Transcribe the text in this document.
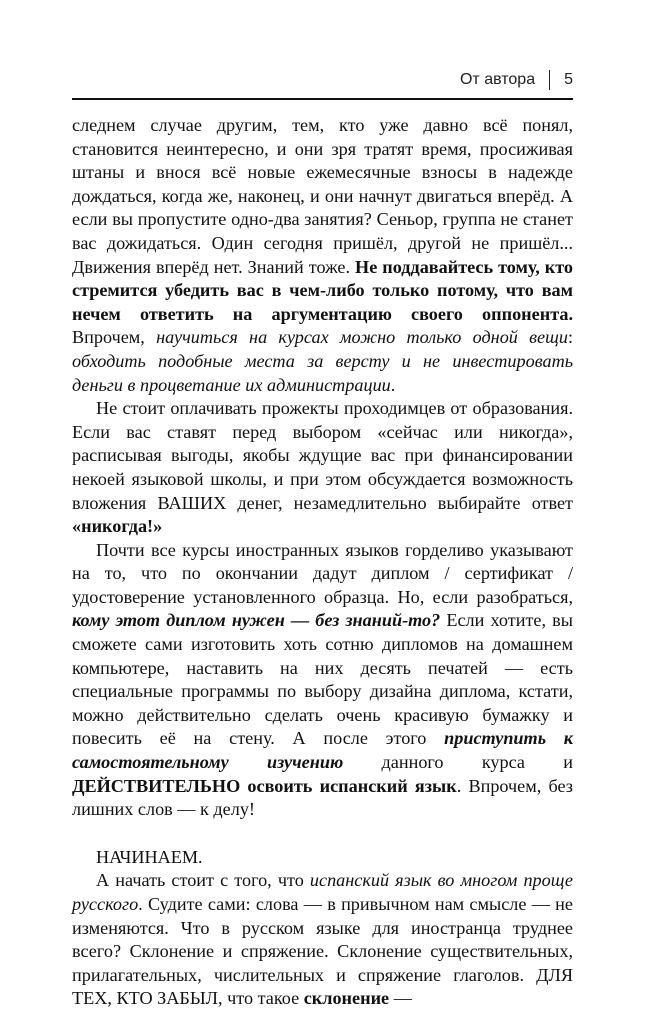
От автора 5

следнем случае другим, тем, кто уже давно всё понял, становится неинтересно, и они зря тратят время, просиживая штаны и внося всё новые ежемесячные взносы в надежде дождаться, когда же, наконец, и они начнут двигаться вперёд. А если вы пропустите одно-два занятия? Сеньор, группа не станет вас дожидаться. Один сегодня пришёл, другой не пришёл... Движения вперёд нет. Знаний тоже. Не поддавайтесь тому, кто стремится убедить вас в чем-либо только потому, что вам нечем ответить на аргументацию своего оппонента. Впрочем, научиться на курсах можно только одной вещи: обходить подобные места за версту и не инвестировать деньги в процветание их администрации.

Не стоит оплачивать прожекты проходимцев от образования. Если вас ставят перед выбором «сейчас или никогда», расписывая выгоды, якобы ждущие вас при финансировании некоей языковой школы, и при этом обсуждается возможность вложения ВАШИХ денег, незамедлительно выбирайте ответ «никогда!»

Почти все курсы иностранных языков горделиво указывают на то, что по окончании дадут диплом / сертификат / удостоверение установленного образца. Но, если разобраться, кому этот диплом нужен — без знаний-то? Если хотите, вы сможете сами изготовить хоть сотню дипломов на домашнем компьютере, наставить на них десять печатей — есть специальные программы по выбору дизайна диплома, кстати, можно действительно сделать очень красивую бумажку и повесить её на стену. А после этого приступить к самостоятельному изучению данного курса и ДЕЙСТВИТЕЛЬНО освоить испанский язык. Впрочем, без лишних слов — к делу!

НАЧИНАЕМ.

А начать стоит с того, что испанский язык во многом проще русского. Судите сами: слова — в привычном нам смысле — не изменяются. Что в русском языке для иностранца труднее всего? Склонение и спряжение. Склонение существительных, прилагательных, числительных и спряжение глаголов. ДЛЯ ТЕХ, КТО ЗАБЫЛ, что такое склонение —
